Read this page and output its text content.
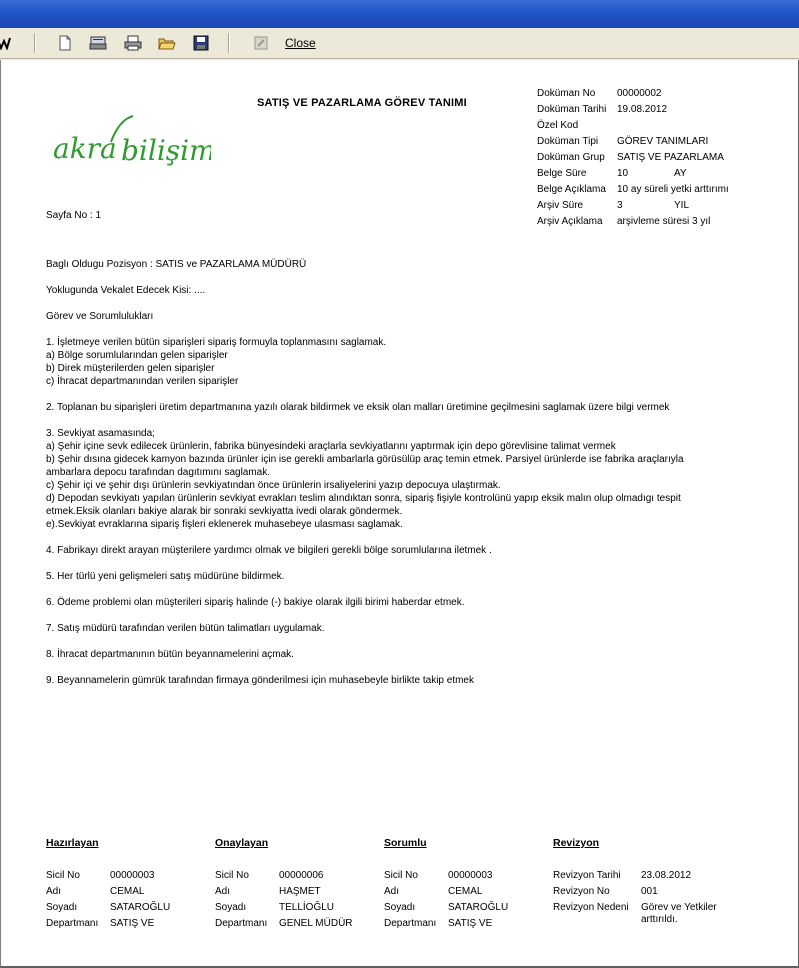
Close
SATIŞ VE PAZARLAMA GÖREV TANIMI
akra bilişim
Doküman No 00000002
Doküman Tarihi 19.08.2012
Özel Kod
Doküman Tipi GÖREV TANIMLARI
Doküman Grup SATIŞ VE PAZARLAMA
Belge Süre	10	AY
Belge Açıklama 10 ay süreli yetki arttırımı
Arşiv Süre	3	YIL
Arşiv Açıklama arşivleme süresi 3 yıl
Sayfa No : 1
Baglı Oldugu Pozisyon : SATIS ve PAZARLAMA MÜDÜRÜ
Yoklugunda Vekalet Edecek Kisi: ....
Görev ve Sorumlulukları
1. İşletmeye verilen bütün siparişleri sipariş formuyla toplanmasını saglamak.
a) Bölge sorumlularından gelen siparişler
b) Direk müşterilerden gelen siparişler
c) İhracat departmanından verilen siparişler
2. Toplanan bu siparişleri üretim departmanına yazılı olarak bildirmek ve eksik olan malları üretimine geçilmesini saglamak üzere bilgi vermek
3. Sevkiyat asamasında;
a) Şehir içine sevk edilecek ürünlerin, fabrika bünyesindeki araçlarla sevkiyatlarını yaptırmak için depo görevlisine talimat vermek
b) Şehir dısına gidecek kamyon bazında ürünler için ise gerekli ambarlarla görüsülüp araç temin etmek. Parsiyel ürünlerde ise fabrika araçlarıyla
ambarlara depocu tarafından dagıtımını saglamak.
c) Şehir içi ve şehir dışı ürünlerin sevkiyatından önce ürünlerin irsaliyelerini yazıp depocuya ulaştırmak.
d) Depodan sevkiyatı yapılan ürünlerin sevkiyat evrakları teslim alındıktan sonra, sipariş fişiyle kontrolünü yapıp eksik malın olup olmadıgı tespit
etmek.Eksik olanları bakiye alarak bir sonraki sevkiyatta ivedi olarak göndermek.
e).Sevkiyat evraklarına sipariş fişleri eklenerek muhasebeye ulasması saglamak.
4. Fabrikayı direkt arayan müşterilere yardımcı olmak ve bilgileri gerekli bölge sorumlularına iletmek .
5. Her türlü yeni gelişmeleri satış müdürüne bildirmek.
6. Ödeme problemi olan müşterileri sipariş halinde (-) bakiye olarak ilgili birimi haberdar etmek.
7. Satış müdürü tarafından verilen bütün talimatları uygulamak.
8. İhracat departmanının bütün beyannamelerini açmak.
9. Beyannamelerin gümrük tarafından firmaya gönderilmesi için muhasebeyle birlikte takip etmek
Hazırlayan
Sicil No	00000003
Adı	CEMAL
Soyadı	SATAROĞLU
Departmanı SATIŞ VE
Onaylayan
Sicil No	00000006
Adı	HAŞMET
Soyadı	TELLİOĞLU
Departmanı GENEL MÜDÜR
Sorumlu
Sicil No	00000003
Adı	CEMAL
Soyadı	SATAROĞLU
Departmanı SATIŞ VE
Revizyon
Revizyon Tarihi 23.08.2012
Revizyon No	001
Revizyon Nedeni Görev ve Yetkiler arttırıldı.
